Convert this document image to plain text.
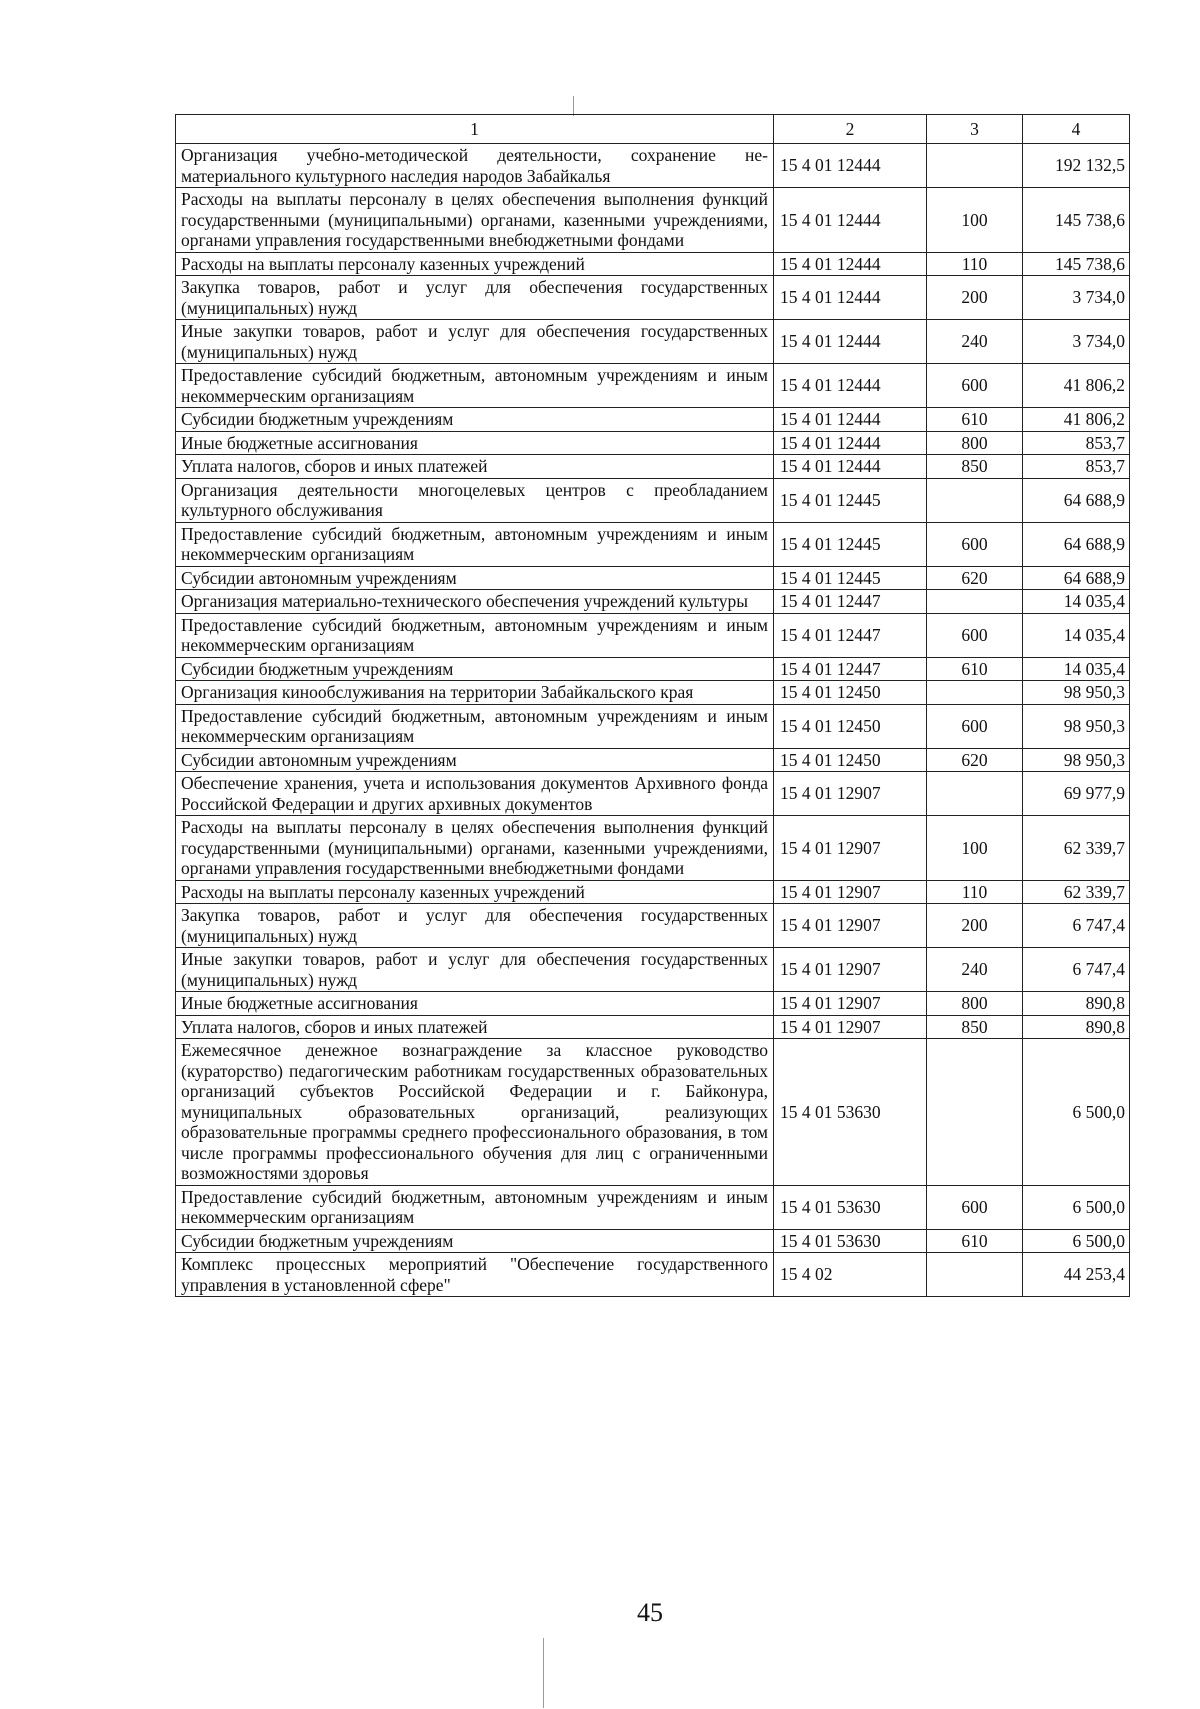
1	2	3	4
Организация учебно-методической деятельности, сохранение нематериального культурного наследия народов Забайкалья	15 4 01 12444		192 132,5
Расходы на выплаты персоналу в целях обеспечения выполнения функций государственными (муниципальными) органами, казенными учреждениями, органами управления государственными внебюджетными фондами	15 4 01 12444	100	145 738,6
Расходы на выплаты персоналу казенных учреждений	15 4 01 12444	110	145 738,6
Закупка товаров, работ и услуг для обеспечения государственных (муниципальных) нужд	15 4 01 12444	200	3 734,0
Иные закупки товаров, работ и услуг для обеспечения государственных (муниципальных) нужд	15 4 01 12444	240	3 734,0
Предоставление субсидий бюджетным, автономным учреждениям и иным некоммерческим организациям	15 4 01 12444	600	41 806,2
Субсидии бюджетным учреждениям	15 4 01 12444	610	41 806,2
Иные бюджетные ассигнования	15 4 01 12444	800	853,7
Уплата налогов, сборов и иных платежей	15 4 01 12444	850	853,7
Организация деятельности многоцелевых центров с преобладанием культурного обслуживания	15 4 01 12445		64 688,9
Предоставление субсидий бюджетным, автономным учреждениям и иным некоммерческим организациям	15 4 01 12445	600	64 688,9
Субсидии автономным учреждениям	15 4 01 12445	620	64 688,9
Организация материально-технического обеспечения учреждений культуры	15 4 01 12447		14 035,4
Предоставление субсидий бюджетным, автономным учреждениям и иным некоммерческим организациям	15 4 01 12447	600	14 035,4
Субсидии бюджетным учреждениям	15 4 01 12447	610	14 035,4
Организация кинообслуживания на территории Забайкальского края	15 4 01 12450		98 950,3
Предоставление субсидий бюджетным, автономным учреждениям и иным некоммерческим организациям	15 4 01 12450	600	98 950,3
Субсидии автономным учреждениям	15 4 01 12450	620	98 950,3
Обеспечение хранения, учета и использования документов Архивного фонда Российской Федерации и других архивных документов	15 4 01 12907		69 977,9
Расходы на выплаты персоналу в целях обеспечения выполнения функций государственными (муниципальными) органами, казенными учреждениями, органами управления государственными внебюджетными фондами	15 4 01 12907	100	62 339,7
Расходы на выплаты персоналу казенных учреждений	15 4 01 12907	110	62 339,7
Закупка товаров, работ и услуг для обеспечения государственных (муниципальных) нужд	15 4 01 12907	200	6 747,4
Иные закупки товаров, работ и услуг для обеспечения государственных (муниципальных) нужд	15 4 01 12907	240	6 747,4
Иные бюджетные ассигнования	15 4 01 12907	800	890,8
Уплата налогов, сборов и иных платежей	15 4 01 12907	850	890,8
Ежемесячное денежное вознаграждение за классное руководство (кураторство) педагогическим работникам государственных образовательных организаций субъектов Российской Федерации и г. Байконура, муниципальных образовательных организаций, реализующих образовательные программы среднего профессионального образования, в том числе программы профессионального обучения для лиц с ограниченными возможностями здоровья	15 4 01 53630		6 500,0
Предоставление субсидий бюджетным, автономным учреждениям и иным некоммерческим организациям	15 4 01 53630	600	6 500,0
Субсидии бюджетным учреждениям	15 4 01 53630	610	6 500,0
Комплекс процессных мероприятий "Обеспечение государственного управления в установленной сфере"	15 4 02		44 253,4
45
